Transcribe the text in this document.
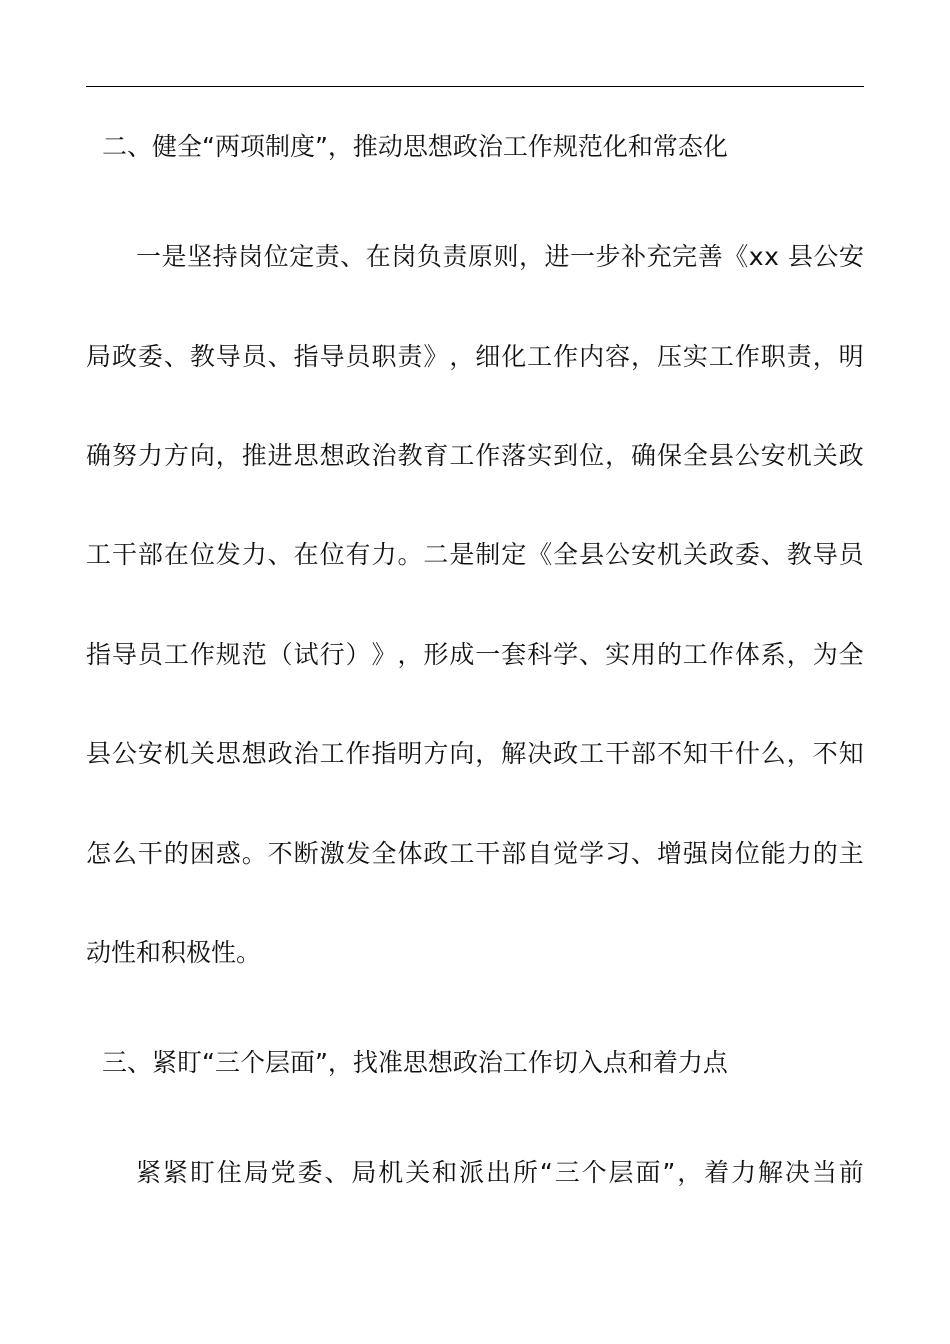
二、健全“两项制度”，推动思想政治工作规范化和常态化
一 是 坚 持 岗 位 定 责 、 在 岗 负 责 原 则 ， 进 一 步 补 充 完 善 《 x x
县 公 安
局 政 委 、 教 导 员 、 指 导 员 职 责 》 ， 细 化 工 作 内 容 ， 压 实 工 作 职 责 ， 明
确 努 力 方 向 ， 推 进 思 想 政 治 教 育 工 作 落 实 到 位 ， 确 保 全 县 公 安 机 关 政
工 干 部 在 位 发 力 、 在 位 有 力 。 二 是 制 定 《 全 县 公 安 机 关 政 委 、 教 导 员
指 导 员 工 作 规 范 （ 试 行 ） 》 ， 形 成 一 套 科 学 、 实 用 的 工 作 体 系 ， 为 全
县 公 安 机 关 思 想 政 治 工 作 指 明 方 向 ， 解 决 政 工 干 部 不 知 干 什 么 ， 不 知
怎 么 干 的 困 惑 。 不 断 激 发 全 体 政 工 干 部 自 觉 学 习 、 增 强 岗 位 能 力 的 主
动性和积极性。
三、紧盯“三个层面”，找准思想政治工作切入点和着力点
紧 紧 盯 住 局 党 委 、 局 机 关 和 派 出 所 “ 三 个 层 面 ” ， 着 力 解 决 当 前
